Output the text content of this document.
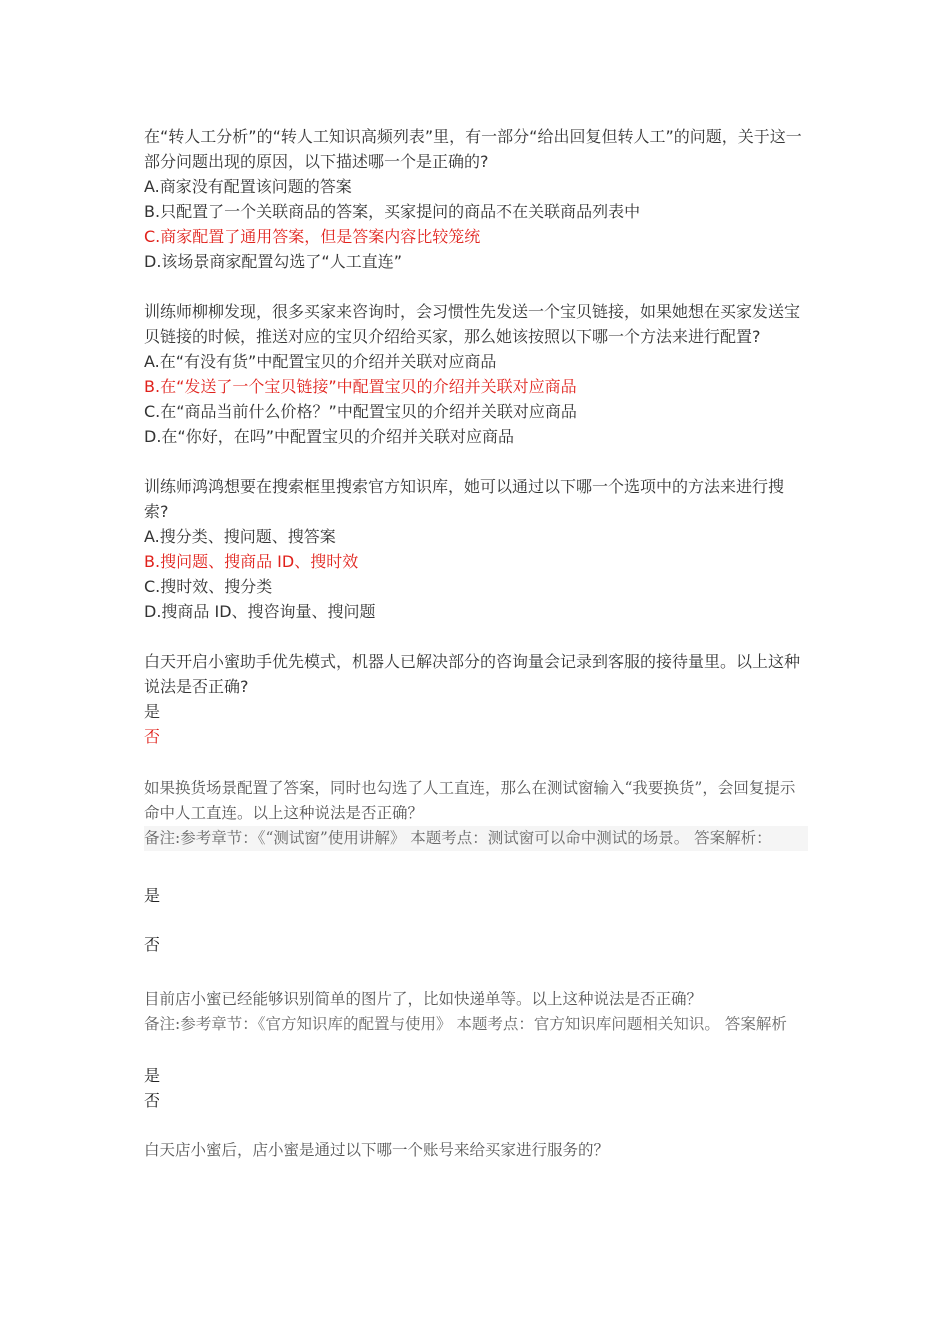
在“转人工分析”的“转人工知识高频列表”里，有一部分“给出回复但转人工”的问题，关于这一部分问题出现的原因，以下描述哪一个是正确的?
A.商家没有配置该问题的答案
B.只配置了一个关联商品的答案，买家提问的商品不在关联商品列表中
C.商家配置了通用答案，但是答案内容比较笼统
D.该场景商家配置勾选了“人工直连”
训练师柳柳发现，很多买家来咨询时，会习惯性先发送一个宝贝链接，如果她想在买家发送宝贝链接的时候，推送对应的宝贝介绍给买家，那么她该按照以下哪一个方法来进行配置?
A.在“有没有货”中配置宝贝的介绍并关联对应商品
B.在“发送了一个宝贝链接”中配置宝贝的介绍并关联对应商品
C.在“商品当前什么价格？”中配置宝贝的介绍并关联对应商品
D.在“你好，在吗”中配置宝贝的介绍并关联对应商品
训练师鸿鸿想要在搜索框里搜索官方知识库，她可以通过以下哪一个选项中的方法来进行搜索?
A.搜分类、搜问题、搜答案
B.搜问题、搜商品 ID、搜时效
C.搜时效、搜分类
D.搜商品 ID、搜咨询量、搜问题
白天开启小蜜助手优先模式，机器人已解决部分的咨询量会记录到客服的接待量里。以上这种说法是否正确?
是
否
如果换货场景配置了答案，同时也勾选了人工直连，那么在测试窗输入“我要换货”，会回复提示命中人工直连。以上这种说法是否正确？
备注:参考章节：《“测试窗”使用讲解》 本题考点：测试窗可以命中测试的场景。 答案解析：
是
否
目前店小蜜已经能够识别简单的图片了，比如快递单等。以上这种说法是否正确？
备注:参考章节：《官方知识库的配置与使用》 本题考点：官方知识库问题相关知识。 答案解析
是
否
白天店小蜜后，店小蜜是通过以下哪一个账号来给买家进行服务的？
